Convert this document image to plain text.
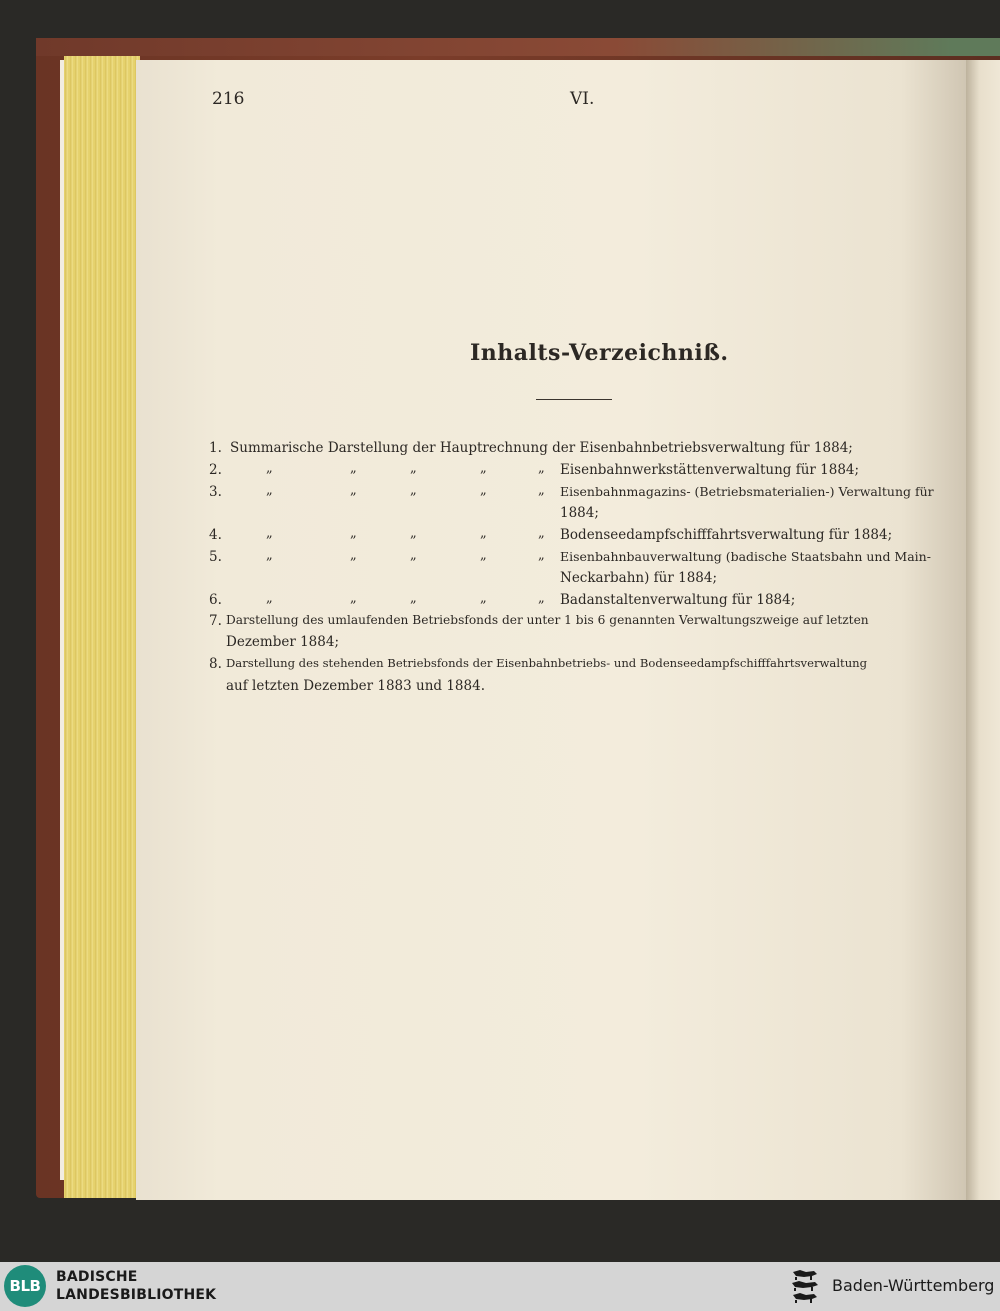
216	VI.
Inhalts-Verzeichniß.
1. Summarische Darstellung der Hauptrechnung der Eisenbahnbetriebsverwaltung für 1884;
2.	„	„	„	„	„ Eisenbahnwerkstättenverwaltung für 1884;
3.	„	„	„	„	„ Eisenbahnmagazins- (Betriebsmaterialien-) Verwaltung für
1884;
4.	„	„	„	„	„ Bodenseedampfschifffahrtsverwaltung für 1884;
5.	„	„	„	„	„ Eisenbahnbauverwaltung (badische Staatsbahn und Main-
Neckarbahn) für 1884;
6.	„	„	„	„	„ Badanstaltenverwaltung für 1884;
7. Darstellung des umlaufenden Betriebsfonds der unter 1 bis 6 genannten Verwaltungszweige auf letzten
Dezember 1884;
8. Darstellung des stehenden Betriebsfonds der Eisenbahnbetriebs- und Bodenseedampfschifffahrtsverwaltung
auf letzten Dezember 1883 und 1884.
BLB	BADISCHE
LANDESBIBLIOTHEK	Baden-Württemberg
